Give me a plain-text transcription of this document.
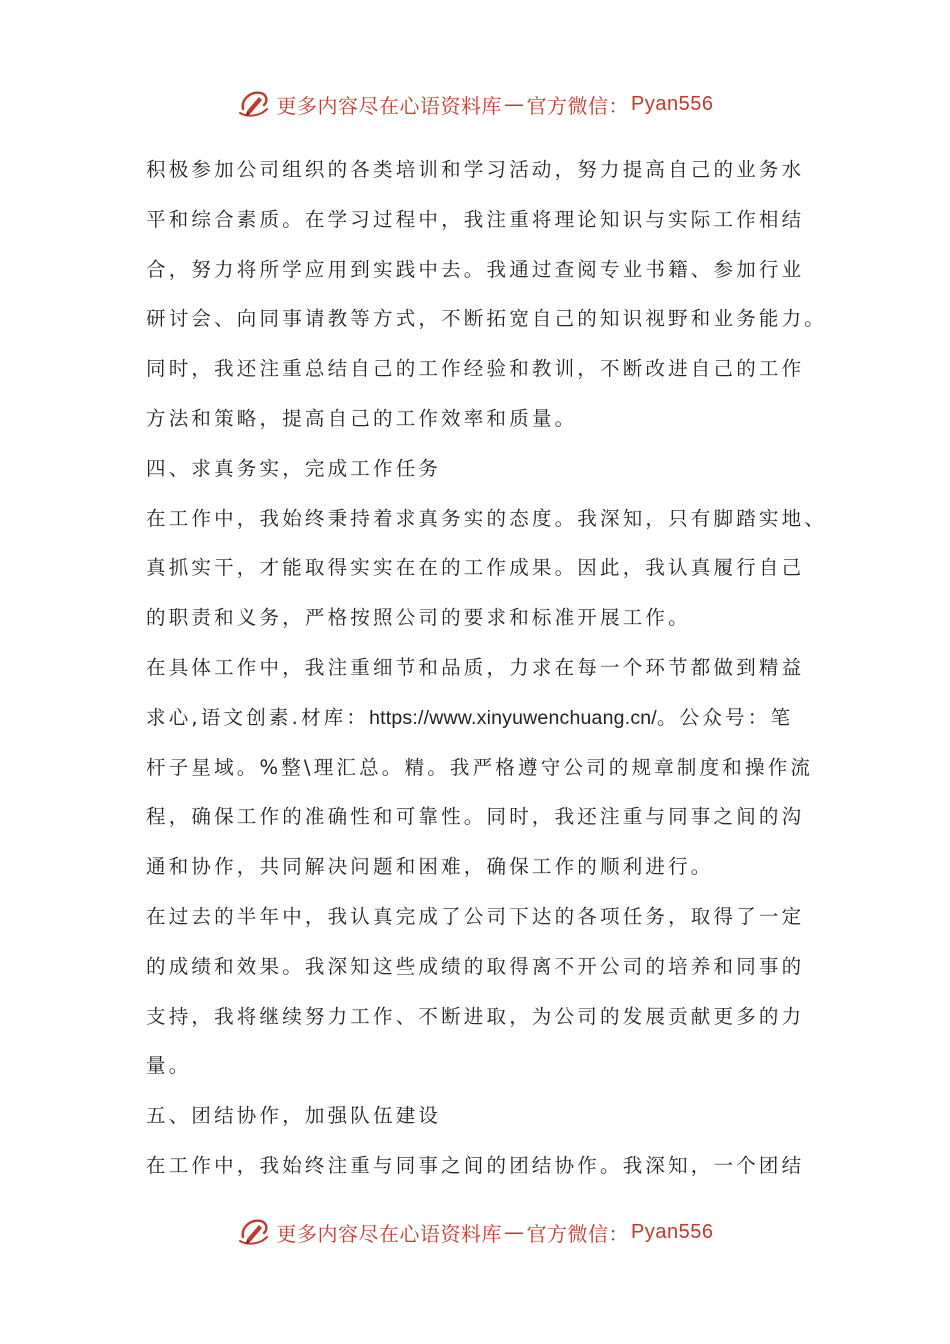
更多内容尽在心语资料库 — 官方微信： Pyan556
积极参加公司组织的各类培训和学习活动，努力提高自己的业务水
平和综合素质。在学习过程中，我注重将理论知识与实际工作相结
合，努力将所学应用到实践中去。我通过查阅专业书籍、参加行业
研讨会、向同事请教等方式，不断拓宽自己的知识视野和业务能力。
同时，我还注重总结自己的工作经验和教训，不断改进自己的工作
方法和策略，提高自己的工作效率和质量。
四、求真务实，完成工作任务
在工作中，我始终秉持着求真务实的态度。我深知，只有脚踏实地、
真抓实干，才能取得实实在在的工作成果。因此，我认真履行自己
的职责和义务，严格按照公司的要求和标准开展工作。
在具体工作中，我注重细节和品质，力求在每一个环节都做到精益
求心,语文创素.材库：https://www.xinyuwenchuang.cn/。公众号：笔
杆子星域。%整\理汇总。精。我严格遵守公司的规章制度和操作流
程，确保工作的准确性和可靠性。同时，我还注重与同事之间的沟
通和协作，共同解决问题和困难，确保工作的顺利进行。
在过去的半年中，我认真完成了公司下达的各项任务，取得了一定
的成绩和效果。我深知这些成绩的取得离不开公司的培养和同事的
支持，我将继续努力工作、不断进取，为公司的发展贡献更多的力
量。
五、团结协作，加强队伍建设
在工作中，我始终注重与同事之间的团结协作。我深知，一个团结
更多内容尽在心语资料库 — 官方微信： Pyan556
